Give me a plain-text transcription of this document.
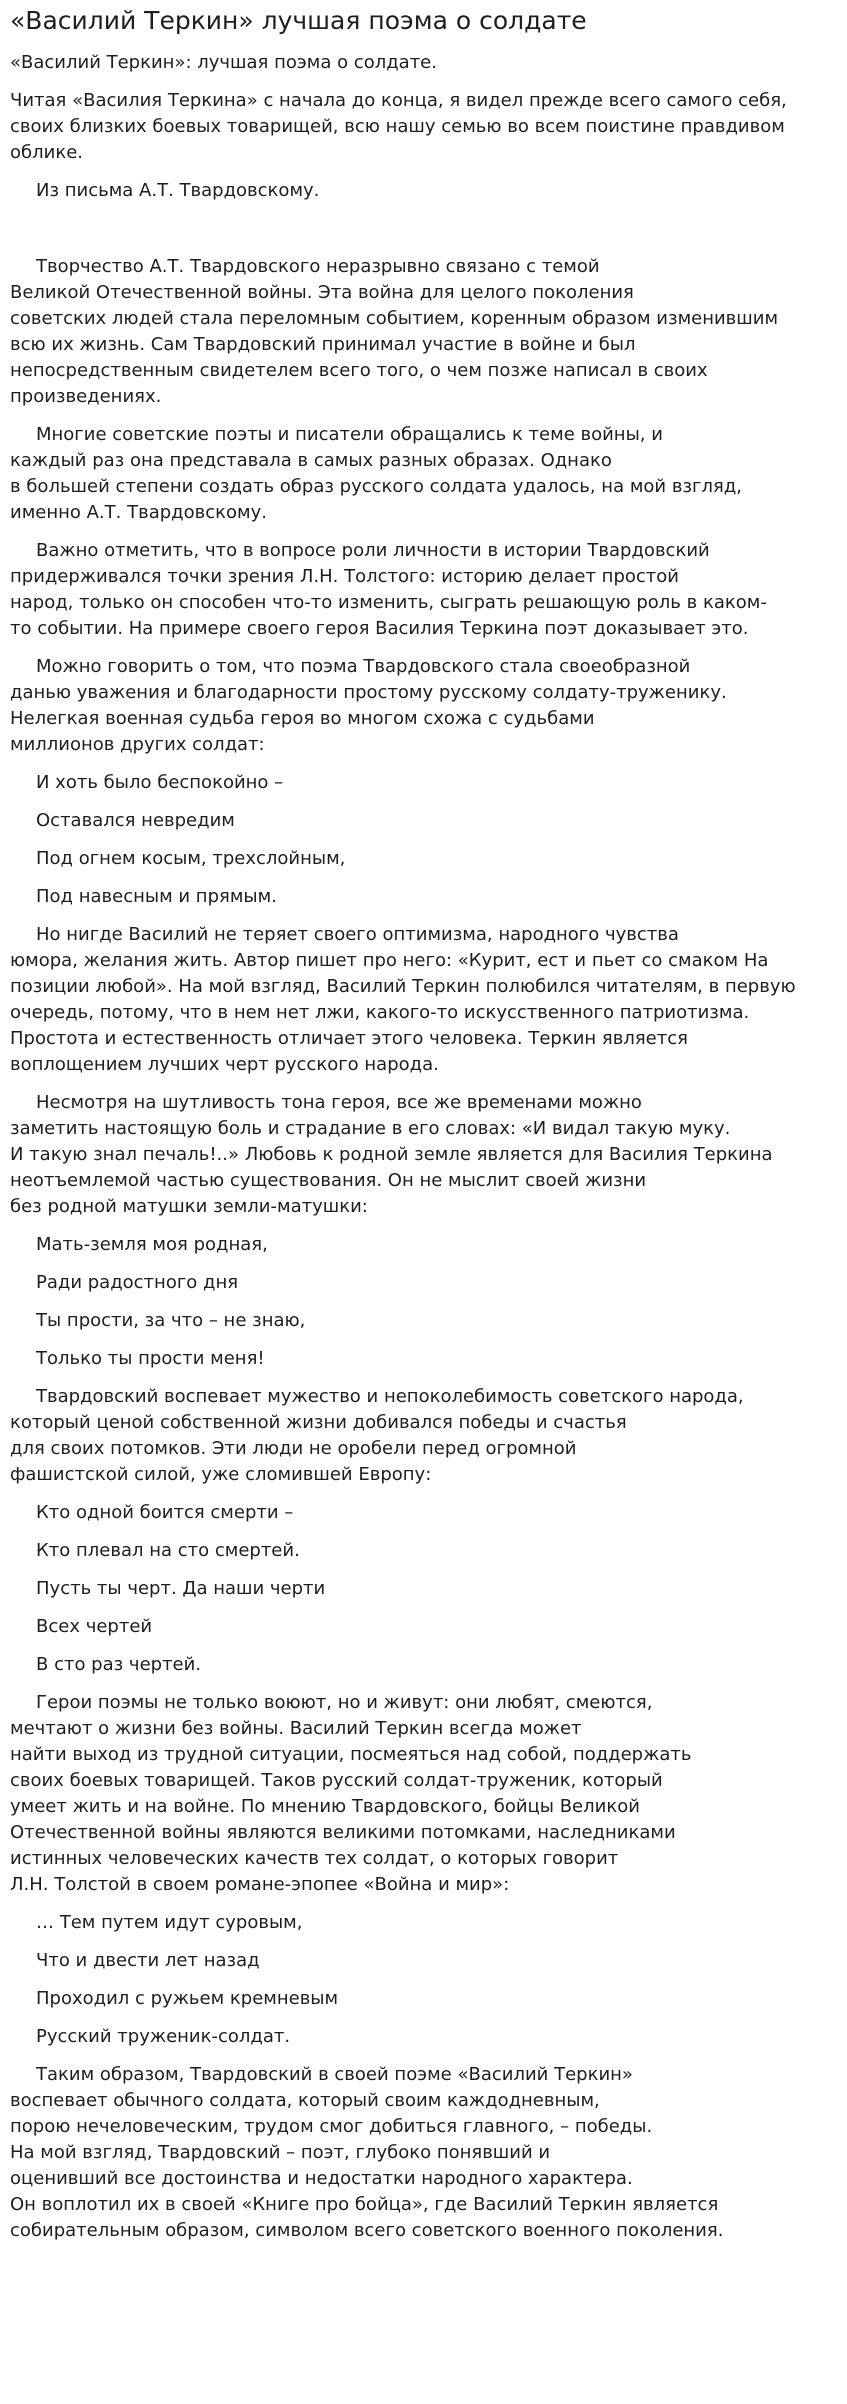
«Василий Теркин» лучшая поэма о солдате

«Василий Теркин»: лучшая поэма о солдате.

Читая «Василия Теркина» с начала до конца, я видел прежде всего самого себя,
своих близких боевых товарищей, всю нашу семью во всем поистине правдивом
облике.

Из письма А.Т. Твардовскому.

Творчество А.Т. Твардовского неразрывно связано с темой
Великой Отечественной войны. Эта война для целого поколения
советских людей стала переломным событием, коренным образом изменившим
всю их жизнь. Сам Твардовский принимал участие в войне и был
непосредственным свидетелем всего того, о чем позже написал в своих
произведениях.

Многие советские поэты и писатели обращались к теме войны, и
каждый раз она представала в самых разных образах. Однако
в большей степени создать образ русского солдата удалось, на мой взгляд,
именно А.Т. Твардовскому.

Важно отметить, что в вопросе роли личности в истории Твардовский
придерживался точки зрения Л.Н. Толстого: историю делает простой
народ, только он способен что-то изменить, сыграть решающую роль в каком-
то событии. На примере своего героя Василия Теркина поэт доказывает это.

Можно говорить о том, что поэма Твардовского стала своеобразной
данью уважения и благодарности простому русскому солдату-труженику.
Нелегкая военная судьба героя во многом схожа с судьбами
миллионов других солдат:

И хоть было беспокойно –

Оставался невредим

Под огнем косым, трехслойным,

Под навесным и прямым.

Но нигде Василий не теряет своего оптимизма, народного чувства
юмора, желания жить. Автор пишет про него: «Курит, ест и пьет со смаком На
позиции любой». На мой взгляд, Василий Теркин полюбился читателям, в первую
очередь, потому, что в нем нет лжи, какого-то искусственного патриотизма.
Простота и естественность отличает этого человека. Теркин является
воплощением лучших черт русского народа.

Несмотря на шутливость тона героя, все же временами можно
заметить настоящую боль и страдание в его словах: «И видал такую муку.
И такую знал печаль!..» Любовь к родной земле является для Василия Теркина
неотъемлемой частью существования. Он не мыслит своей жизни
без родной матушки земли-матушки:

Мать-земля моя родная,

Ради радостного дня

Ты прости, за что – не знаю,

Только ты прости меня!

Твардовский воспевает мужество и непоколебимость советского народа,
который ценой собственной жизни добивался победы и счастья
для своих потомков. Эти люди не оробели перед огромной
фашистской силой, уже сломившей Европу:

Кто одной боится смерти –

Кто плевал на сто смертей.

Пусть ты черт. Да наши черти

Всех чертей

В сто раз чертей.

Герои поэмы не только воюют, но и живут: они любят, смеются,
мечтают о жизни без войны. Василий Теркин всегда может
найти выход из трудной ситуации, посмеяться над собой, поддержать
своих боевых товарищей. Таков русский солдат-труженик, который
умеет жить и на войне. По мнению Твардовского, бойцы Великой
Отечественной войны являются великими потомками, наследниками
истинных человеческих качеств тех солдат, о которых говорит
Л.Н. Толстой в своем романе-эпопее «Война и мир»:

… Тем путем идут суровым,

Что и двести лет назад

Проходил с ружьем кремневым

Русский труженик-солдат.

Таким образом, Твардовский в своей поэме «Василий Теркин»
воспевает обычного солдата, который своим каждодневным,
порою нечеловеческим, трудом смог добиться главного, – победы.
На мой взгляд, Твардовский – поэт, глубоко понявший и
оценивший все достоинства и недостатки народного характера.
Он воплотил их в своей «Книге про бойца», где Василий Теркин является
собирательным образом, символом всего советского военного поколения.
